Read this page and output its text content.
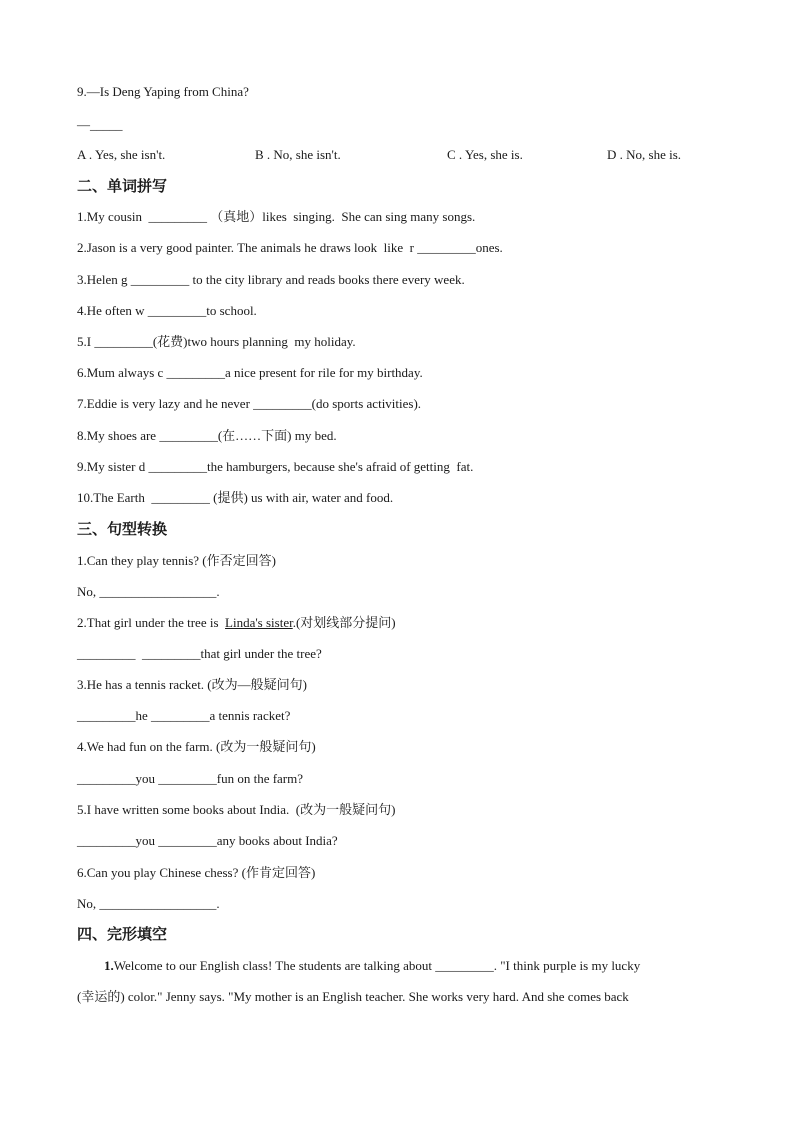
9.—Is Deng Yaping from China?
—_____
A . Yes, she isn't.	B . No, she isn't.	C . Yes, she is.	D . No, she is.
二、单词拼写
1.My cousin  _________ （真地）likes  singing.  She can sing many songs.
2.Jason is a very good painter. The animals he draws look  like  r _________ones.
3.Helen g _________ to the city library and reads books there every week.
4.He often w _________to school.
5.I _________(花费)two hours planning  my holiday.
6.Mum always c _________a nice present for rile for my birthday.
7.Eddie is very lazy and he never _________(do sports activities).
8.My shoes are _________(在……下面) my bed.
9.My sister d _________the hamburgers, because she's afraid of getting  fat.
10.The Earth  _________ (提供) us with air, water and food.
三、句型转换
1.Can they play tennis? (作否定回答)
No, __________________.
2.That girl under the tree is  Linda's sister.(对划线部分提问)
_________  _________that girl under the tree?
3.He has a tennis racket. (改为—般疑问句)
_________he _________a tennis racket?
4.We had fun on the farm. (改为一般疑问句)
_________you _________fun on the farm?
5.I have written some books about India.  (改为一般疑问句)
_________you _________any books about India?
6.Can you play Chinese chess? (作肯定回答)
No, __________________.
四、完形填空
1.Welcome to our English class! The students are talking about _________. "I think purple is my lucky
(幸运的) color." Jenny says. "My mother is an English teacher. She works very hard. And she comes back
